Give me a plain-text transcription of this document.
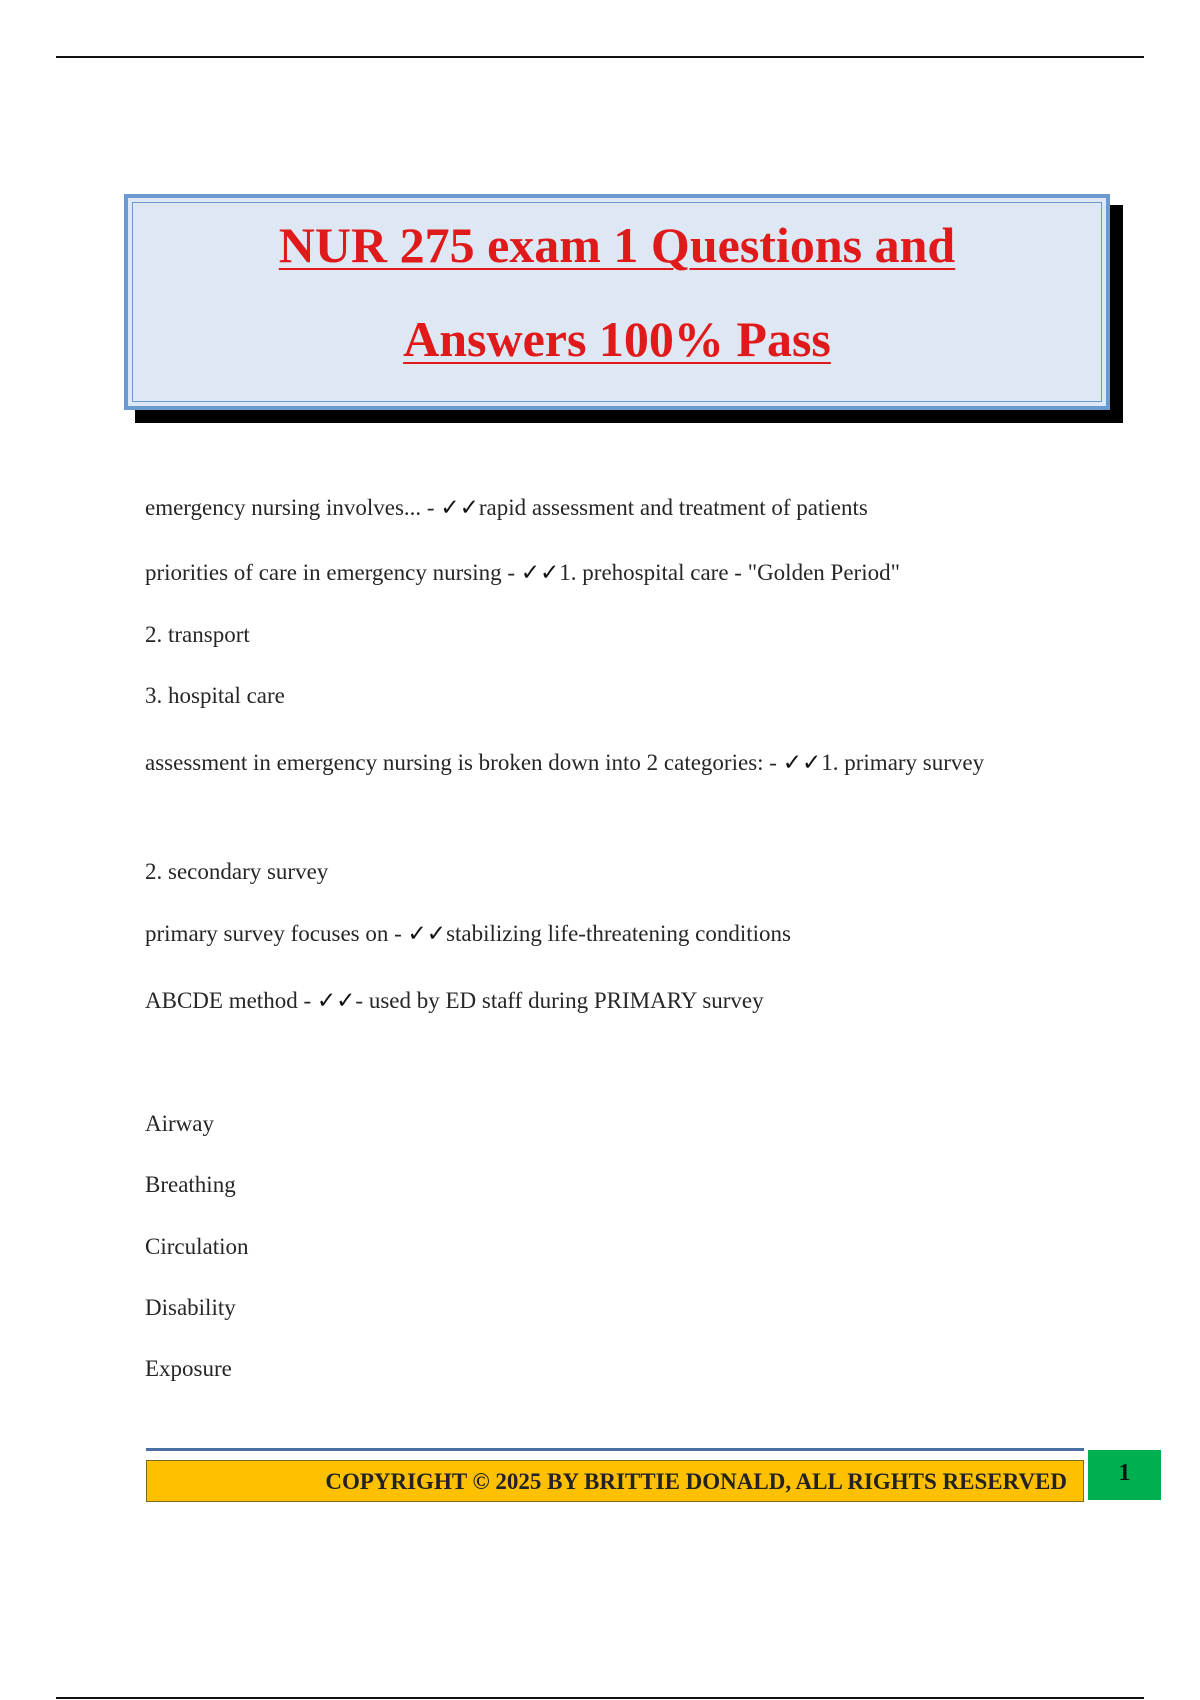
NUR 275 exam 1 Questions and
Answers 100% Pass
emergency nursing involves... - ✓✓rapid assessment and treatment of patients
priorities of care in emergency nursing - ✓✓1. prehospital care - "Golden Period"
2. transport
3. hospital care
assessment in emergency nursing is broken down into 2 categories: - ✓✓1. primary survey
2. secondary survey
primary survey focuses on - ✓✓stabilizing life-threatening conditions
ABCDE method - ✓✓- used by ED staff during PRIMARY survey
Airway
Breathing
Circulation
Disability
Exposure
COPYRIGHT © 2025 BY BRITTIE DONALD, ALL RIGHTS RESERVED	1
